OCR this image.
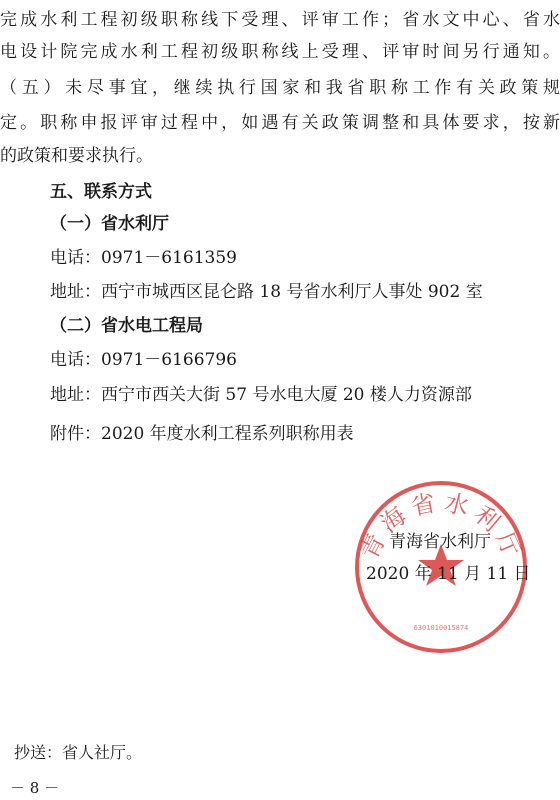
完成水利工程初级职称线下受理、评审工作；省水文中心、省水
电设计院完成水利工程初级职称线上受理、评审时间另行通知。
（五）未尽事宜，继续执行国家和我省职称工作有关政策规
定。职称申报评审过程中，如遇有关政策调整和具体要求，按新
的政策和要求执行。
五、联系方式
（一）省水利厅
电话：0971－6161359
地址：西宁市城西区昆仑路 18 号省水利厅人事处 902 室
（二）省水电工程局
电话：0971－6166796
地址：西宁市西关大街 57 号水电大厦 20 楼人力资源部
附件：2020 年度水利工程系列职称用表
青海省水利厅
6301010015874
青海省水利厅
2020 年 11 月 11 日
抄送：省人社厅。
－ 8 －
